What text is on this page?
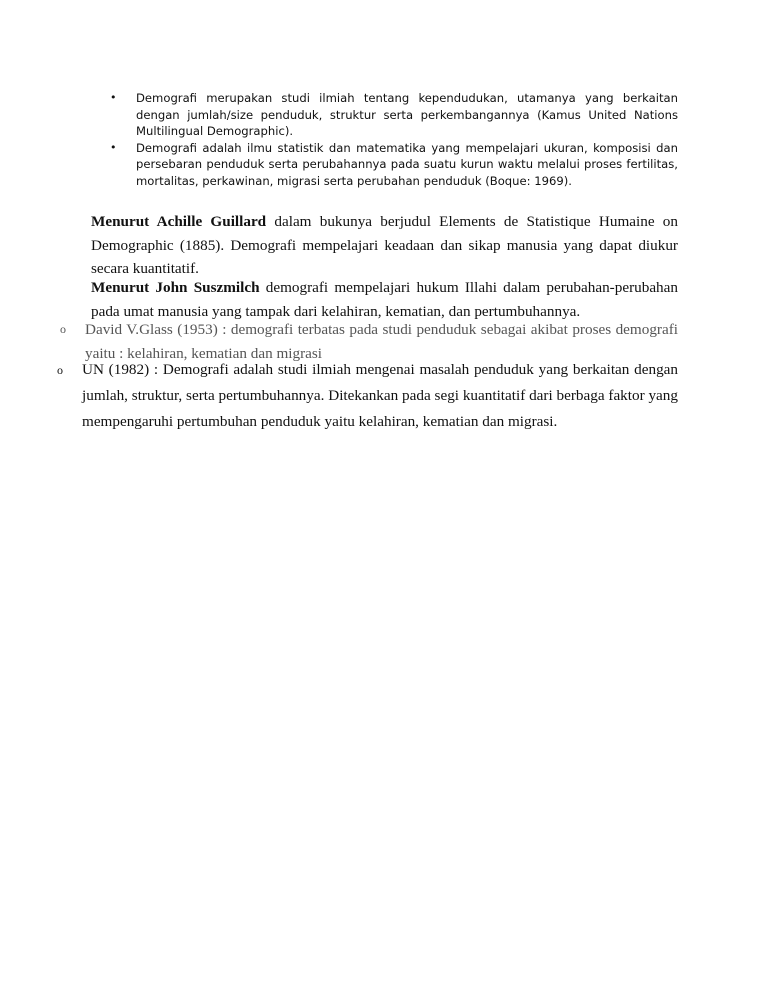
•	Demografi merupakan studi ilmiah tentang kependudukan, utamanya yang berkaitan dengan jumlah/size penduduk, struktur serta perkembangannya (Kamus United Nations Multilingual Demographic).
•	Demografi adalah ilmu statistik dan matematika yang mempelajari ukuran, komposisi dan persebaran penduduk serta perubahannya pada suatu kurun waktu melalui proses fertilitas, mortalitas, perkawinan, migrasi serta perubahan penduduk (Boque: 1969).

Menurut Achille Guillard dalam bukunya berjudul Elements de Statistique Humaine on Demographic (1885). Demografi mempelajari keadaan dan sikap manusia yang dapat diukur secara kuantitatif.

Menurut John Suszmilch demografi mempelajari hukum Illahi dalam perubahan-perubahan pada umat manusia yang tampak dari kelahiran, kematian, dan pertumbuhannya.

o David V.Glass (1953) : demografi terbatas pada studi penduduk sebagai akibat proses demografi yaitu : kelahiran, kematian dan migrasi
o UN (1982) : Demografi adalah studi ilmiah mengenai masalah penduduk yang berkaitan dengan jumlah, struktur, serta pertumbuhannya. Ditekankan pada segi kuantitatif dari berbaga faktor yang mempengaruhi pertumbuhan penduduk yaitu kelahiran, kematian dan migrasi.
